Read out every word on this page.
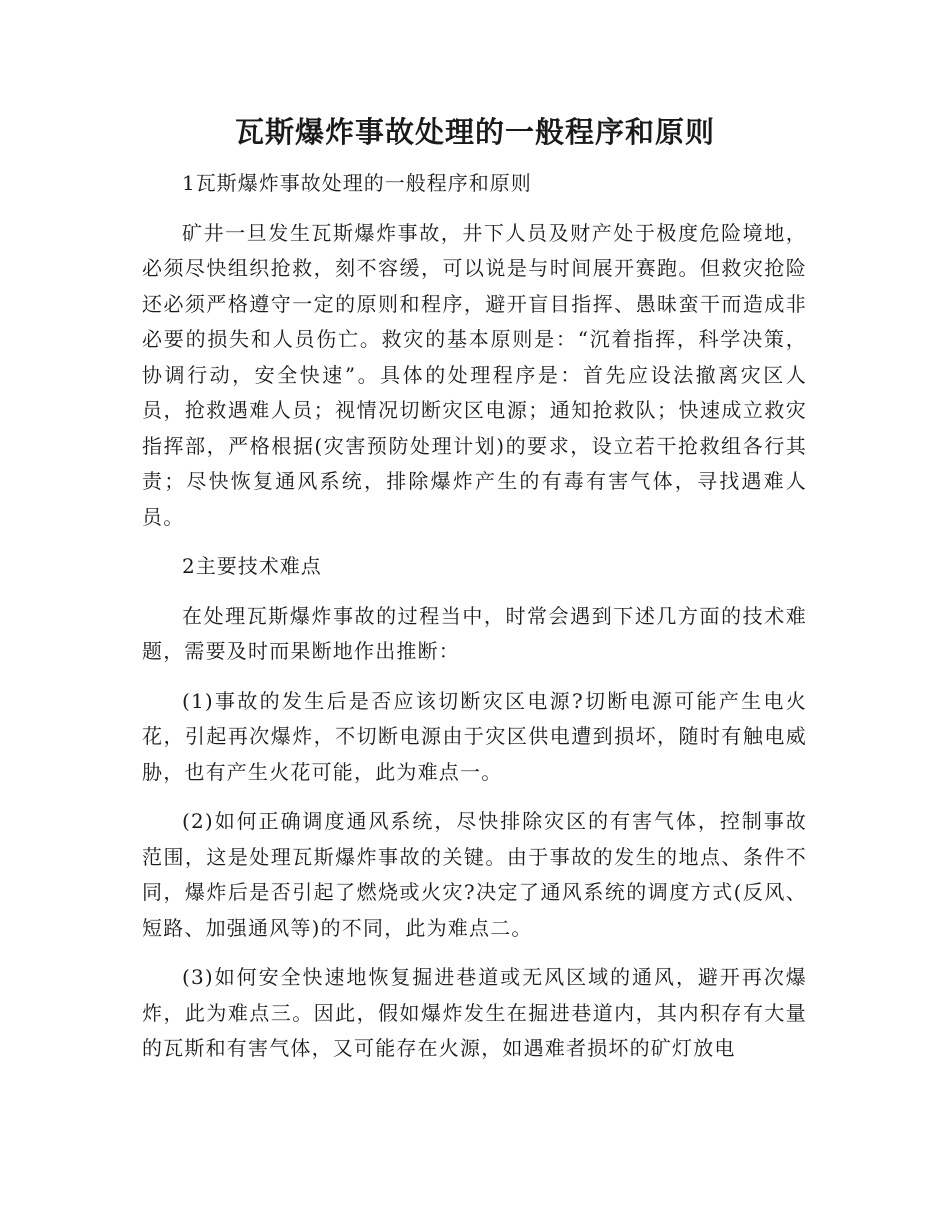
瓦斯爆炸事故处理的一般程序和原则

1瓦斯爆炸事故处理的一般程序和原则

矿井一旦发生瓦斯爆炸事故，井下人员及财产处于极度危险境地，必须尽快组织抢救，刻不容缓，可以说是与时间展开赛跑。但救灾抢险还必须严格遵守一定的原则和程序，避开盲目指挥、愚昧蛮干而造成非必要的损失和人员伤亡。救灾的基本原则是：“沉着指挥，科学决策，协调行动，安全快速”。具体的处理程序是：首先应设法撤离灾区人员，抢救遇难人员；视情况切断灾区电源；通知抢救队；快速成立救灾指挥部，严格根据(灾害预防处理计划)的要求，设立若干抢救组各行其责；尽快恢复通风系统，排除爆炸产生的有毒有害气体，寻找遇难人员。

2主要技术难点

在处理瓦斯爆炸事故的过程当中，时常会遇到下述几方面的技术难题，需要及时而果断地作出推断：

(1)事故的发生后是否应该切断灾区电源?切断电源可能产生电火花，引起再次爆炸，不切断电源由于灾区供电遭到损坏，随时有触电威胁，也有产生火花可能，此为难点一。

(2)如何正确调度通风系统，尽快排除灾区的有害气体，控制事故范围，这是处理瓦斯爆炸事故的关键。由于事故的发生的地点、条件不同，爆炸后是否引起了燃烧或火灾?决定了通风系统的调度方式(反风、短路、加强通风等)的不同，此为难点二。

(3)如何安全快速地恢复掘进巷道或无风区域的通风，避开再次爆炸，此为难点三。因此，假如爆炸发生在掘进巷道内，其内积存有大量的瓦斯和有害气体，又可能存在火源，如遇难者损坏的矿灯放电
